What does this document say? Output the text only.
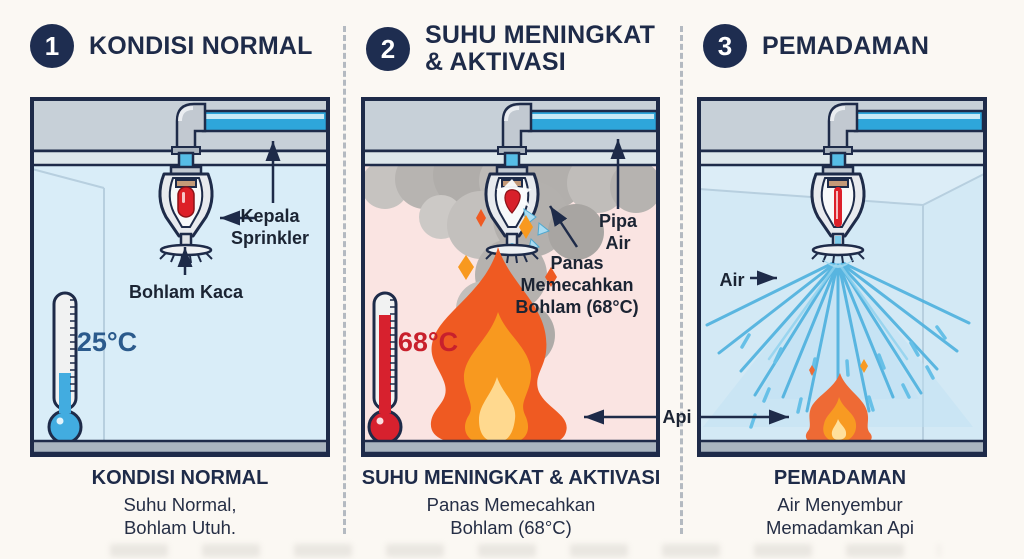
1	KONDISI NORMAL	2	SUHU MENINGKAT & AKTIVASI
3	PEMADAMAN
Kepala
Sprinkler
Bohlam Kaca
25°C
Pipa
Air
Panas
Memecahkan
Bohlam (68°C)
68°C
Air
Api
KONDISI NORMAL
Suhu Normal,
Bohlam Utuh.
SUHU MENINGKAT & AKTIVASI
Panas Memecahkan
Bohlam (68°C)
PEMADAMAN
Air Menyembur
Memadamkan Api
